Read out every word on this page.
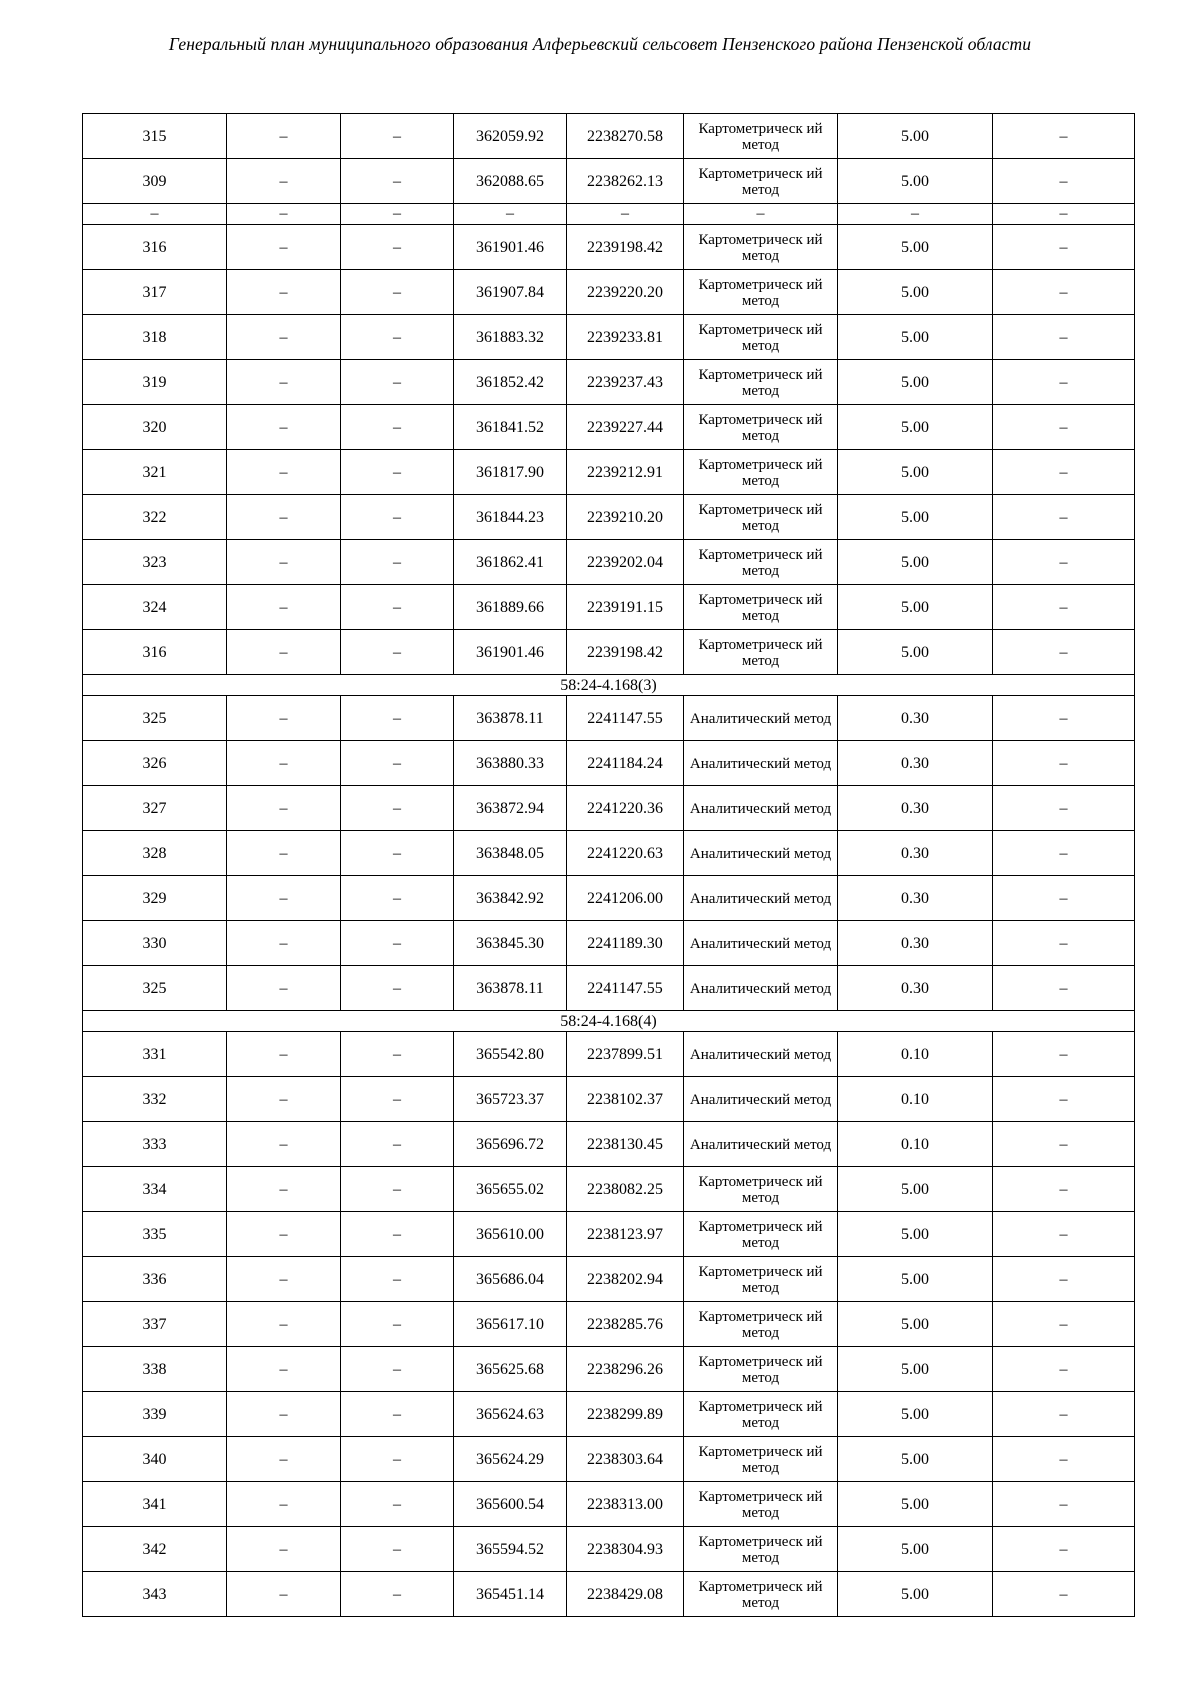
Генеральный план муниципального образования Алферьевский сельсовет Пензенского района Пензенской области
315	–	–	362059.92	2238270.58	Картометрическ ий метод	5.00	–
309	–	–	362088.65	2238262.13	Картометрическ ий метод	5.00	–
–	–	–	–	–	–	–	–
316	–	–	361901.46	2239198.42	Картометрическ ий метод	5.00	–
317	–	–	361907.84	2239220.20	Картометрическ ий метод	5.00	–
318	–	–	361883.32	2239233.81	Картометрическ ий метод	5.00	–
319	–	–	361852.42	2239237.43	Картометрическ ий метод	5.00	–
320	–	–	361841.52	2239227.44	Картометрическ ий метод	5.00	–
321	–	–	361817.90	2239212.91	Картометрическ ий метод	5.00	–
322	–	–	361844.23	2239210.20	Картометрическ ий метод	5.00	–
323	–	–	361862.41	2239202.04	Картометрическ ий метод	5.00	–
324	–	–	361889.66	2239191.15	Картометрическ ий метод	5.00	–
316	–	–	361901.46	2239198.42	Картометрическ ий метод	5.00	–
58:24-4.168(3)							
325	–	–	363878.11	2241147.55	Аналитический метод	0.30	–
326	–	–	363880.33	2241184.24	Аналитический метод	0.30	–
327	–	–	363872.94	2241220.36	Аналитический метод	0.30	–
328	–	–	363848.05	2241220.63	Аналитический метод	0.30	–
329	–	–	363842.92	2241206.00	Аналитический метод	0.30	–
330	–	–	363845.30	2241189.30	Аналитический метод	0.30	–
325	–	–	363878.11	2241147.55	Аналитический метод	0.30	–
58:24-4.168(4)							
331	–	–	365542.80	2237899.51	Аналитический метод	0.10	–
332	–	–	365723.37	2238102.37	Аналитический метод	0.10	–
333	–	–	365696.72	2238130.45	Аналитический метод	0.10	–
334	–	–	365655.02	2238082.25	Картометрическ ий метод	5.00	–
335	–	–	365610.00	2238123.97	Картометрическ ий метод	5.00	–
336	–	–	365686.04	2238202.94	Картометрическ ий метод	5.00	–
337	–	–	365617.10	2238285.76	Картометрическ ий метод	5.00	–
338	–	–	365625.68	2238296.26	Картометрическ ий метод	5.00	–
339	–	–	365624.63	2238299.89	Картометрическ ий метод	5.00	–
340	–	–	365624.29	2238303.64	Картометрическ ий метод	5.00	–
341	–	–	365600.54	2238313.00	Картометрическ ий метод	5.00	–
342	–	–	365594.52	2238304.93	Картометрическ ий метод	5.00	–
343	–	–	365451.14	2238429.08	Картометрическ ий метод	5.00	–
